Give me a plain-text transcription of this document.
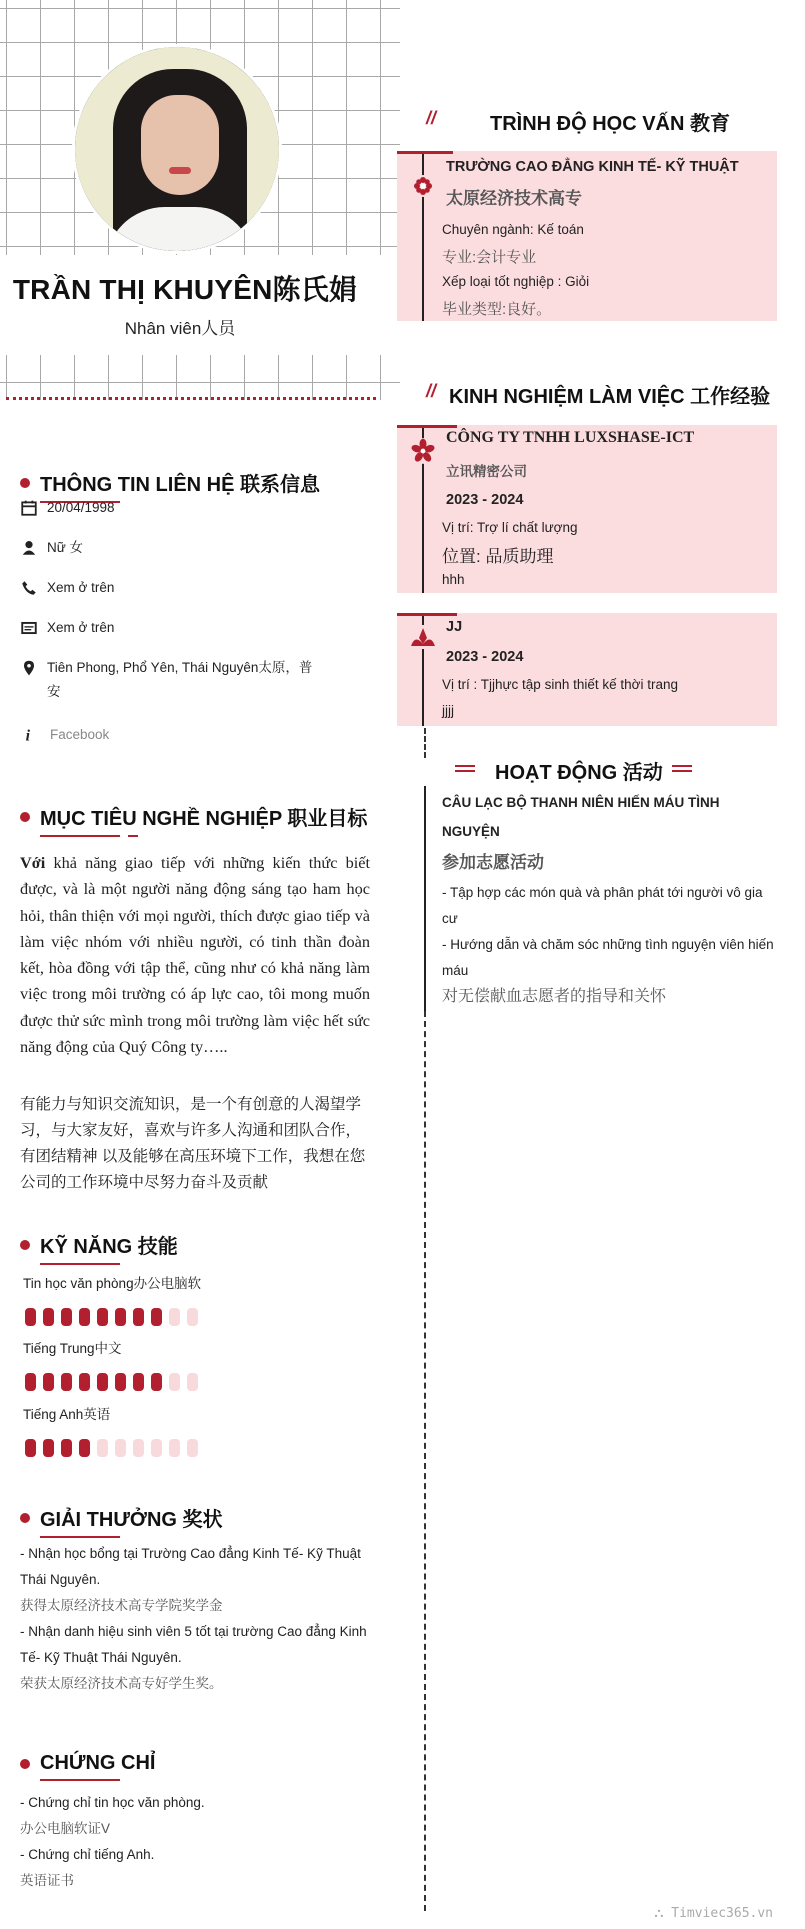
TRẦN THỊ KHUYÊN陈氏娟
Nhân viên人员
THÔNG TIN LIÊN HỆ 联系信息
20/04/1998
Nữ 女
Xem ở trên
Xem ở trên
Tiên Phong, Phổ Yên, Thái Nguyên太原，普安
i Facebook
MỤC TIÊU NGHỀ NGHIỆP 职业目标
Với khả năng giao tiếp với những kiến thức biết được, và là một người năng động sáng tạo ham học hỏi, thân thiện với mọi người, thích được giao tiếp và làm việc nhóm với nhiều người, có tinh thần đoàn kết, hòa đồng với tập thể, cũng như có khả năng làm việc trong môi trường có áp lực cao, tôi mong muốn được thử sức mình trong môi trường làm việc hết sức năng động của Quý Công ty…..
有能力与知识交流知识，是一个有创意的人渴望学习，与大家友好，喜欢与许多人沟通和团队合作，有团结精神 以及能够在高压环境下工作，我想在您公司的工作环境中尽努力奋斗及贡献
KỸ NĂNG 技能
Tin học văn phòng办公电脑软
Tiếng Trung中文
Tiếng Anh英语
GIẢI THƯỞNG 奖状
- Nhận học bổng tại Trường Cao đẳng Kinh Tế- Kỹ Thuật Thái Nguyên.
获得太原经济技术高专学院奖学金
- Nhận danh hiệu sinh viên 5 tốt tại trường Cao đẳng Kinh Tế- Kỹ Thuật Thái Nguyên.
荣获太原经济技术高专好学生奖。
CHỨNG CHỈ
- Chứng chỉ tin học văn phòng.
办公电脑软证V
- Chứng chỉ tiếng Anh.
英语证书
//	TRÌNH ĐỘ HỌC VẤN 教育
TRƯỜNG CAO ĐẲNG KINH TẾ- KỸ THUẬT
太原经济技术高专
Chuyên ngành: Kế toán
专业:会计专业
Xếp loại tốt nghiệp : Giỏi
毕业类型:良好。
// KINH NGHIỆM LÀM VIỆC 工作经验
CÔNG TY TNHH LUXSHASE-ICT
立讯精密公司
2023 - 2024
Vị trí: Trợ lí chất lượng
位置: 品质助理
hhh
JJ
2023 - 2024
Vị trí : Tjjhực tập sinh thiết kế thời trang
jjjj
HOẠT ĐỘNG 活动
CÂU LẠC BỘ THANH NIÊN HIẾN MÁU TÌNH NGUYỆN
参加志愿活动
- Tập hợp các món quà và phân phát tới người vô gia cư
- Hướng dẫn và chăm sóc những tình nguyện viên hiến máu
对无偿献血志愿者的指导和关怀
⛬ Timviec365.vn
